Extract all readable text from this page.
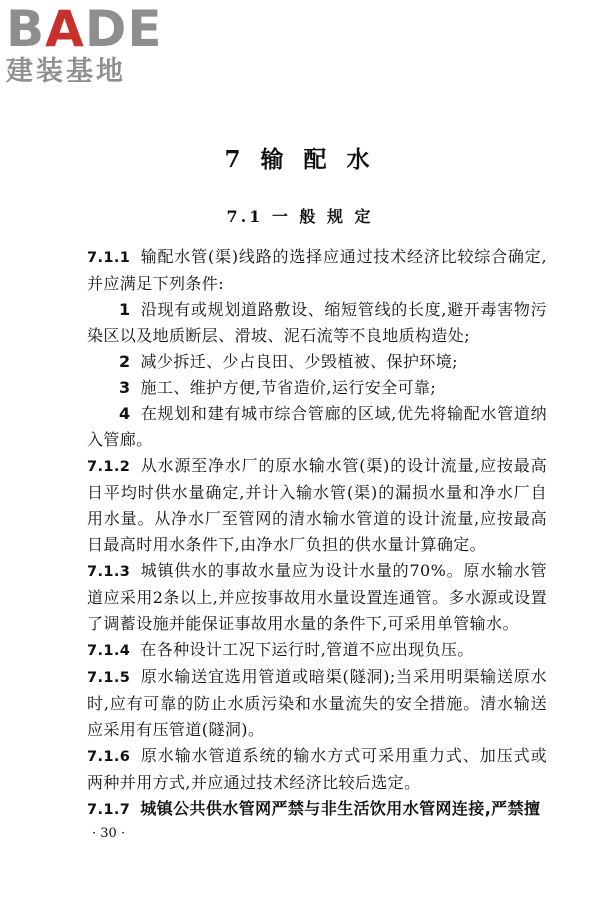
BADE
建装基地
7 输 配 水
7.1 一 般 规 定

7.1.1 输配水管(渠)线路的选择应通过技术经济比较综合确定,并应满足下列条件:

1 沿现有或规划道路敷设、缩短管线的长度,避开毒害物污染区以及地质断层、滑坡、泥石流等不良地质构造处;

2 减少拆迁、少占良田、少毁植被、保护环境;

3 施工、维护方便,节省造价,运行安全可靠;

4 在规划和建有城市综合管廊的区域,优先将输配水管道纳入管廊。

7.1.2 从水源至净水厂的原水输水管(渠)的设计流量,应按最高日平均时供水量确定,并计入输水管(渠)的漏损水量和净水厂自用水量。从净水厂至管网的清水输水管道的设计流量,应按最高日最高时用水条件下,由净水厂负担的供水量计算确定。

7.1.3 城镇供水的事故水量应为设计水量的70%。原水输水管道应采用2条以上,并应按事故用水量设置连通管。多水源或设置了调蓄设施并能保证事故用水量的条件下,可采用单管输水。

7.1.4 在各种设计工况下运行时,管道不应出现负压。

7.1.5 原水输送宜选用管道或暗渠(隧洞);当采用明渠输送原水时,应有可靠的防止水质污染和水量流失的安全措施。清水输送应采用有压管道(隧洞)。

7.1.6 原水输水管道系统的输水方式可采用重力式、加压式或两种并用方式,并应通过技术经济比较后选定。

7.1.7 城镇公共供水管网严禁与非生活饮用水管网连接,严禁擅

· 30 ·
